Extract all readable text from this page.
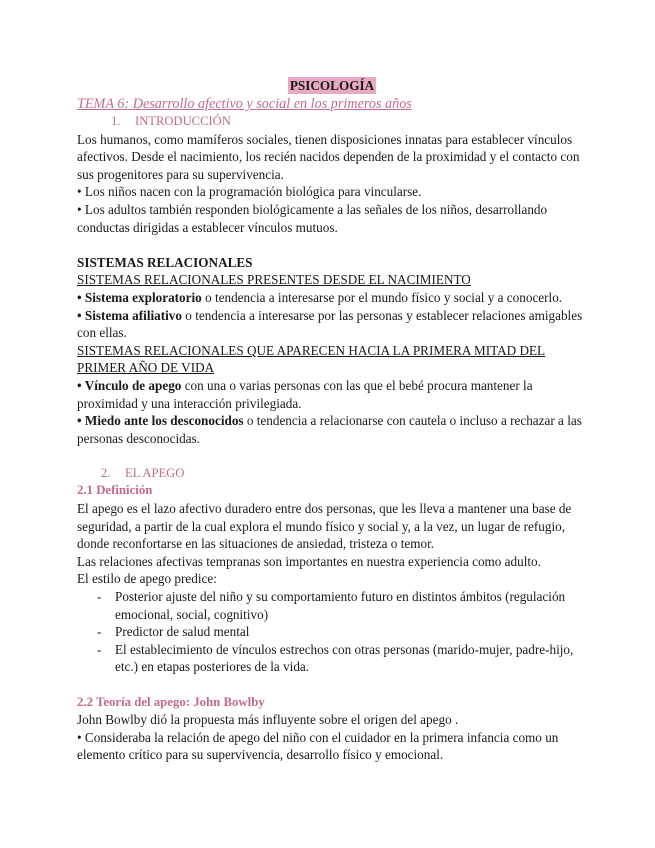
PSICOLOGÍA
TEMA 6: Desarrollo afectivo y social en los primeros años
1. INTRODUCCIÓN

Los humanos, como mamíferos sociales, tienen disposiciones innatas para establecer vínculos afectivos. Desde el nacimiento, los recién nacidos dependen de la proximidad y el contacto con sus progenitores para su supervivencia.

• Los niños nacen con la programación biológica para vincularse.

• Los adultos también responden biológicamente a las señales de los niños, desarrollando conductas dirigidas a establecer vínculos mutuos.

SISTEMAS RELACIONALES

SISTEMAS RELACIONALES PRESENTES DESDE EL NACIMIENTO

• Sistema exploratorio o tendencia a interesarse por el mundo físico y social y a conocerlo.

• Sistema afiliativo o tendencia a interesarse por las personas y establecer relaciones amigables con ellas.

SISTEMAS RELACIONALES QUE APARECEN HACIA LA PRIMERA MITAD DEL PRIMER AÑO DE VIDA

• Vínculo de apego con una o varias personas con las que el bebé procura mantener la proximidad y una interacción privilegiada.

• Miedo ante los desconocidos o tendencia a relacionarse con cautela o incluso a rechazar a las personas desconocidas.

2. EL APEGO
2.1 Definición

El apego es el lazo afectivo duradero entre dos personas, que les lleva a mantener una base de seguridad, a partir de la cual explora el mundo físico y social y, a la vez, un lugar de refugio, donde reconfortarse en las situaciones de ansiedad, tristeza o temor.

Las relaciones afectivas tempranas son importantes en nuestra experiencia como adulto.

El estilo de apego predice:

- Posterior ajuste del niño y su comportamiento futuro en distintos ámbitos (regulación emocional, social, cognitivo)
- Predictor de salud mental
- El establecimiento de vínculos estrechos con otras personas (marido-mujer, padre-hijo, etc.) en etapas posteriores de la vida.
2.2 Teoría del apego: John Bowlby

John Bowlby dió la propuesta más influyente sobre el origen del apego .

• Consideraba la relación de apego del niño con el cuidador en la primera infancia como un elemento crítico para su supervivencia, desarrollo físico y emocional.
